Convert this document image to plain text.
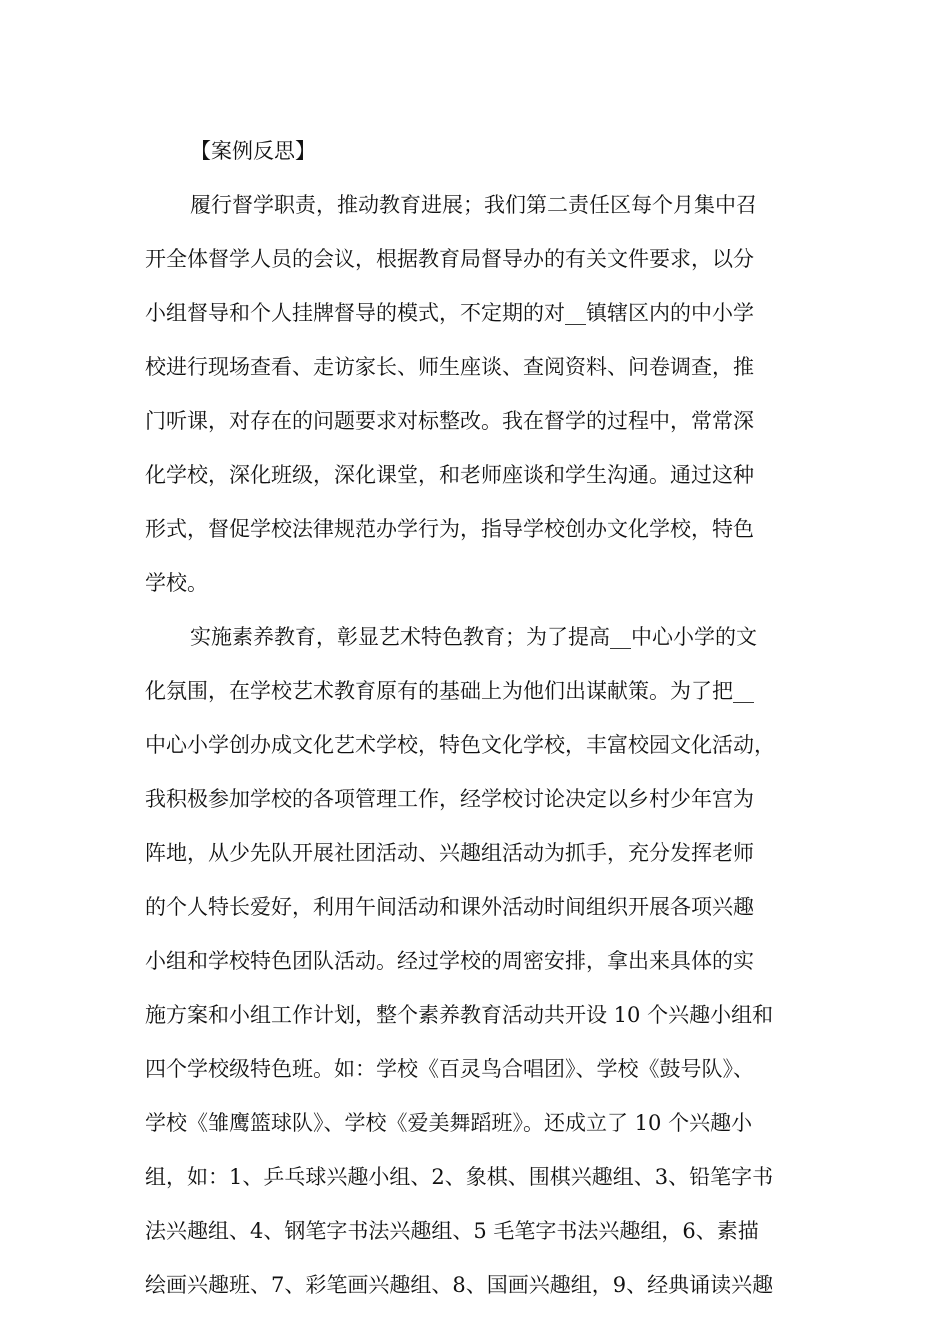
【案例反思】
履行督学职责，推动教育进展；我们第二责任区每个月集中召
开全体督学人员的会议，根据教育局督导办的有关文件要求，以分
小组督导和个人挂牌督导的模式，不定期的对__镇辖区内的中小学
校进行现场查看、走访家长、师生座谈、查阅资料、问卷调查，推
门听课，对存在的问题要求对标整改。我在督学的过程中，常常深
化学校，深化班级，深化课堂，和老师座谈和学生沟通。通过这种
形式，督促学校法律规范办学行为，指导学校创办文化学校，特色
学校。
实施素养教育，彰显艺术特色教育；为了提高__中心小学的文
化氛围，在学校艺术教育原有的基础上为他们出谋献策。为了把__
中心小学创办成文化艺术学校，特色文化学校，丰富校园文化活动，
我积极参加学校的各项管理工作，经学校讨论决定以乡村少年宫为
阵地，从少先队开展社团活动、兴趣组活动为抓手，充分发挥老师
的个人特长爱好，利用午间活动和课外活动时间组织开展各项兴趣
小组和学校特色团队活动。经过学校的周密安排，拿出来具体的实
施方案和小组工作计划，整个素养教育活动共开设 10 个兴趣小组和
四个学校级特色班。如：学校《百灵鸟合唱团》、学校《鼓号队》、
学校《雏鹰篮球队》、学校《爱美舞蹈班》。还成立了 10 个兴趣小
组，如：1、乒乓球兴趣小组、2、象棋、围棋兴趣组、3、铅笔字书
法兴趣组、4、钢笔字书法兴趣组、5 毛笔字书法兴趣组，6、素描
绘画兴趣班、7、彩笔画兴趣组、8、国画兴趣组，9、经典诵读兴趣
